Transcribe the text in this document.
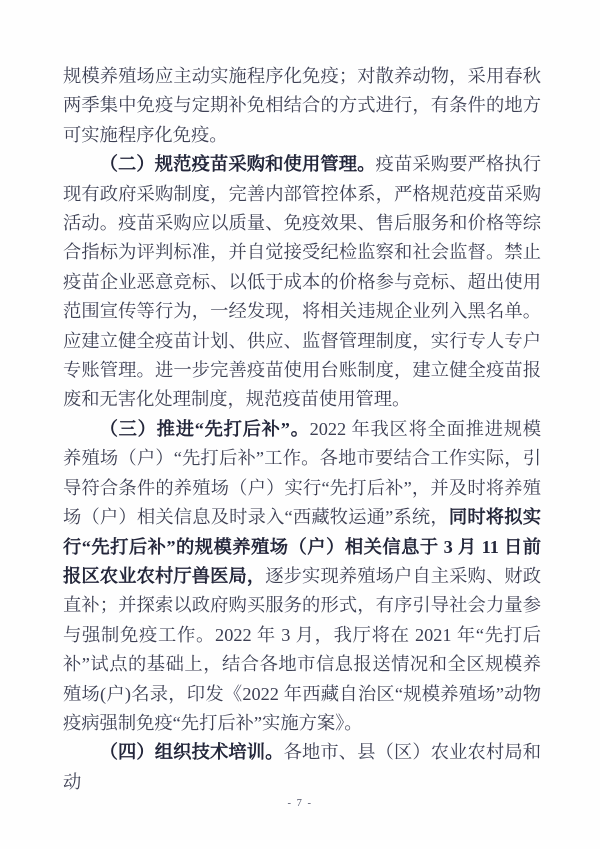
规模养殖场应主动实施程序化免疫；对散养动物，采用春秋两季集中免疫与定期补免相结合的方式进行，有条件的地方可实施程序化免疫。

（二）规范疫苗采购和使用管理。疫苗采购要严格执行现有政府采购制度，完善内部管控体系，严格规范疫苗采购活动。疫苗采购应以质量、免疫效果、售后服务和价格等综合指标为评判标准，并自觉接受纪检监察和社会监督。禁止疫苗企业恶意竞标、以低于成本的价格参与竞标、超出使用范围宣传等行为，一经发现，将相关违规企业列入黑名单。应建立健全疫苗计划、供应、监督管理制度，实行专人专户专账管理。进一步完善疫苗使用台账制度，建立健全疫苗报废和无害化处理制度，规范疫苗使用管理。

（三）推进“先打后补”。2022 年我区将全面推进规模养殖场（户）“先打后补”工作。各地市要结合工作实际，引导符合条件的养殖场（户）实行“先打后补”，并及时将养殖场（户）相关信息及时录入“西藏牧运通”系统，同时将拟实行“先打后补”的规模养殖场（户）相关信息于 3 月 11 日前报区农业农村厅兽医局，逐步实现养殖场户自主采购、财政直补；并探索以政府购买服务的形式，有序引导社会力量参与强制免疫工作。2022 年 3 月，我厅将在 2021 年“先打后补”试点的基础上，结合各地市信息报送情况和全区规模养殖场(户)名录，印发《2022 年西藏自治区“规模养殖场”动物疫病强制免疫“先打后补”实施方案》。

（四）组织技术培训。各地市、县（区）农业农村局和动

- 7 -
